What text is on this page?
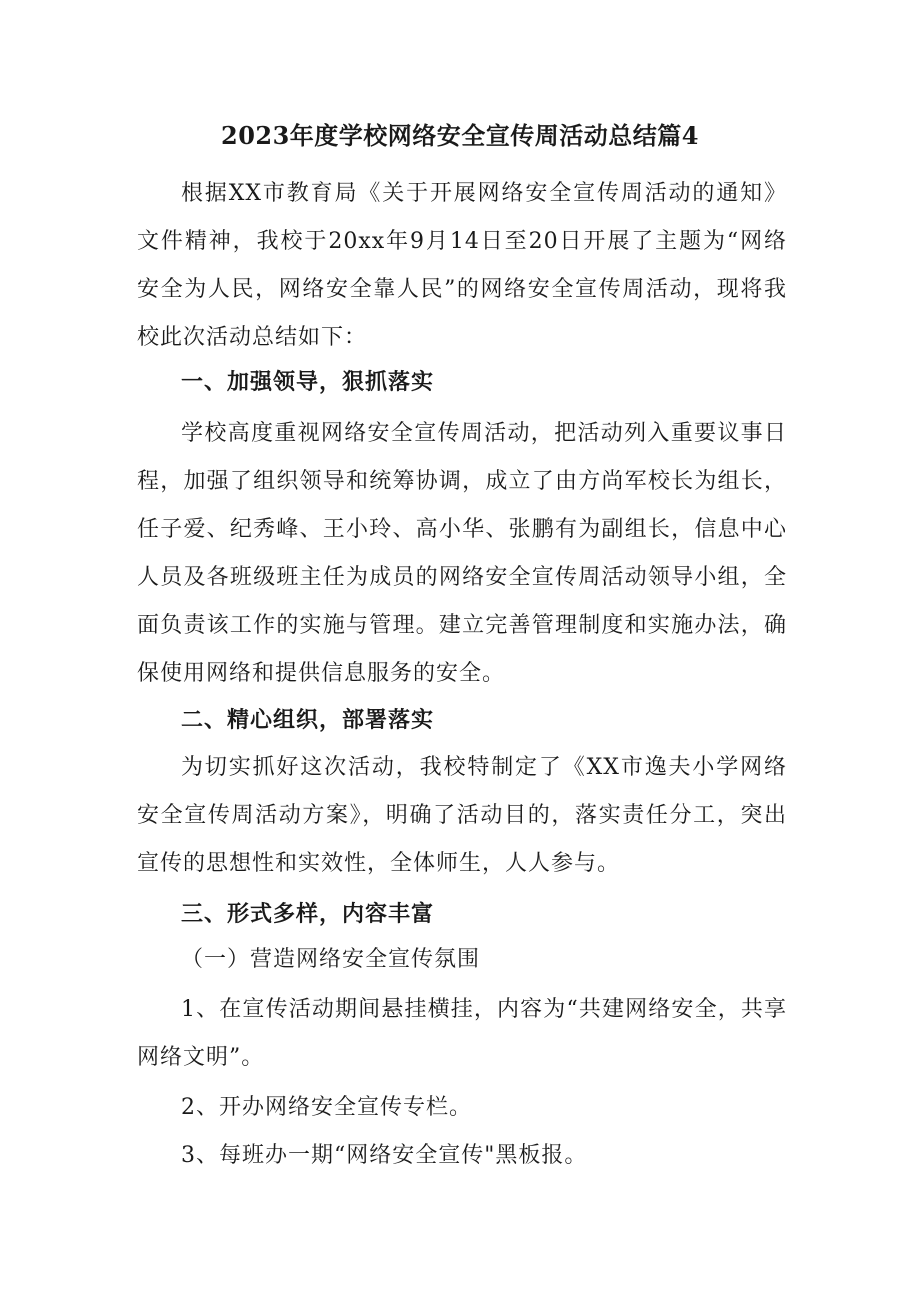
2023年度学校网络安全宣传周活动总结篇4
根据XX市教育局《关于开展网络安全宣传周活动的通知》文件精神，我校于20xx年9月14日至20日开展了主题为“网络安全为人民，网络安全靠人民”的网络安全宣传周活动，现将我校此次活动总结如下：
一、加强领导，狠抓落实
学校高度重视网络安全宣传周活动，把活动列入重要议事日程，加强了组织领导和统筹协调，成立了由方尚军校长为组长，任子爱、纪秀峰、王小玲、高小华、张鹏有为副组长，信息中心人员及各班级班主任为成员的网络安全宣传周活动领导小组，全面负责该工作的实施与管理。建立完善管理制度和实施办法，确保使用网络和提供信息服务的安全。
二、精心组织，部署落实
为切实抓好这次活动，我校特制定了《XX市逸夫小学网络安全宣传周活动方案》，明确了活动目的，落实责任分工，突出宣传的思想性和实效性，全体师生，人人参与。
三、形式多样，内容丰富
（一）营造网络安全宣传氛围
1、在宣传活动期间悬挂横挂，内容为“共建网络安全，共享网络文明”。
2、开办网络安全宣传专栏。
3、每班办一期“网络安全宣传"黑板报。
